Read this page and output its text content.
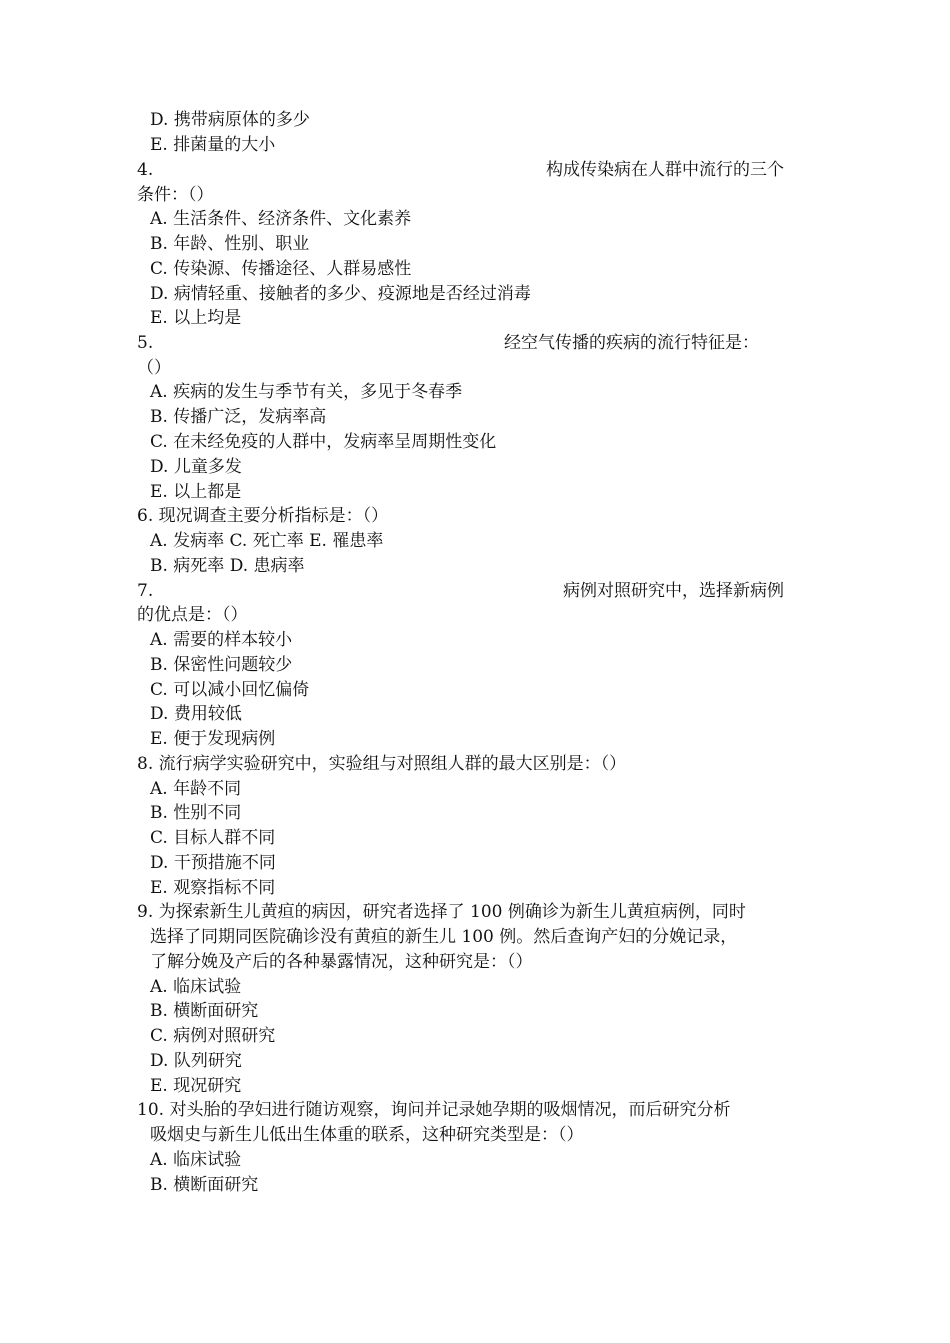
D. 携带病原体的多少
E. 排菌量的大小
4.	构成传染病在人群中流行的三个
条件：（）
A. 生活条件、经济条件、文化素养
B. 年龄、性别、职业
C. 传染源、传播途径、人群易感性
D. 病情轻重、接触者的多少、疫源地是否经过消毒
E. 以上均是
5.	经空气传播的疾病的流行特征是：
（）
A. 疾病的发生与季节有关，多见于冬春季
B. 传播广泛，发病率高
C. 在未经免疫的人群中，发病率呈周期性变化
D. 儿童多发
E. 以上都是
6. 现况调查主要分析指标是：（）
A. 发病率 C. 死亡率 E. 罹患率
B. 病死率 D. 患病率
7.	病例对照研究中，选择新病例
的优点是：（）
A. 需要的样本较小
B. 保密性问题较少
C. 可以减小回忆偏倚
D. 费用较低
E. 便于发现病例
8. 流行病学实验研究中，实验组与对照组人群的最大区别是：（）
A. 年龄不同
B. 性别不同
C. 目标人群不同
D. 干预措施不同
E. 观察指标不同
9. 为探索新生儿黄疸的病因，研究者选择了 100 例确诊为新生儿黄疸病例，同时
选择了同期同医院确诊没有黄疸的新生儿 100 例。然后查询产妇的分娩记录，
了解分娩及产后的各种暴露情况，这种研究是：（）
A. 临床试验
B. 横断面研究
C. 病例对照研究
D. 队列研究
E. 现况研究
10. 对头胎的孕妇进行随访观察，询问并记录她孕期的吸烟情况，而后研究分析
吸烟史与新生儿低出生体重的联系，这种研究类型是：（）
A. 临床试验
B. 横断面研究
